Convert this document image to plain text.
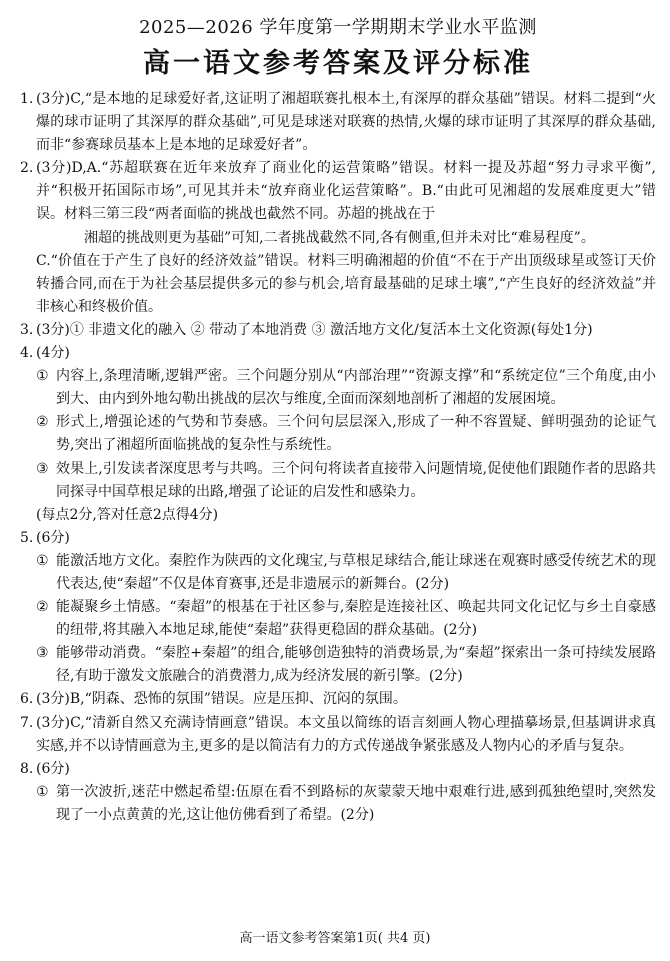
2025—2026 学年度第一学期期末学业水平监测
高一语文参考答案及评分标准
1. (3分)C,“是本地的足球爱好者,这证明了湘超联赛扎根本土,有深厚的群众基础”错误。材料二提到“火爆的球市证明了其深厚的群众基础”,可见是球迷对联赛的热情,火爆的球市证明了其深厚的群众基础,而非“参赛球员基本上是本地的足球爱好者”。
2. (3分)D,A.“苏超联赛在近年来放弃了商业化的运营策略”错误。材料一提及苏超“努力寻求平衡”,并“积极开拓国际市场”,可见其并未“放弃商业化运营策略”。B.“由此可见湘超的发展难度更大”错误。材料三第三段“两者面临的挑战也截然不同。苏超的挑战在于
湘超的挑战则更为基础”可知,二者挑战截然不同,各有侧重,但并未对比“难易程度”。
C.“价值在于产生了良好的经济效益”错误。材料三明确湘超的价值“不在于产出顶级球星或签订天价转播合同,而在于为社会基层提供多元的参与机会,培育最基础的足球土壤”,“产生良好的经济效益”并非核心和终极价值。
3. (3分)① 非遗文化的融入 ② 带动了本地消费 ③ 激活地方文化/复活本土文化资源(每处1分)
4. (4分)
① 内容上,条理清晰,逻辑严密。三个问题分别从“内部治理”“资源支撑”和“系统定位”三个角度,由小到大、由内到外地勾勒出挑战的层次与维度,全面而深刻地剖析了湘超的发展困境。
② 形式上,增强论述的气势和节奏感。三个问句层层深入,形成了一种不容置疑、鲜明强劲的论证气势,突出了湘超所面临挑战的复杂性与系统性。
③ 效果上,引发读者深度思考与共鸣。三个问句将读者直接带入问题情境,促使他们跟随作者的思路共同探寻中国草根足球的出路,增强了论证的启发性和感染力。
(每点2分,答对任意2点得4分)
5. (6分)
① 能激活地方文化。秦腔作为陕西的文化瑰宝,与草根足球结合,能让球迷在观赛时感受传统艺术的现代表达,使“秦超”不仅是体育赛事,还是非遗展示的新舞台。(2分)
② 能凝聚乡土情感。“秦超”的根基在于社区参与,秦腔是连接社区、唤起共同文化记忆与乡土自豪感的纽带,将其融入本地足球,能使“秦超”获得更稳固的群众基础。(2分)
③ 能够带动消费。“秦腔+秦超”的组合,能够创造独特的消费场景,为“秦超”探索出一条可持续发展路径,有助于激发文旅融合的消费潜力,成为经济发展的新引擎。(2分)
6. (3分)B,“阴森、恐怖的氛围”错误。应是压抑、沉闷的氛围。
7. (3分)C,“清新自然又充满诗情画意”错误。本文虽以简练的语言刻画人物心理描摹场景,但基调讲求真实感,并不以诗情画意为主,更多的是以简洁有力的方式传递战争紧张感及人物内心的矛盾与复杂。
8. (6分)
① 第一次波折,迷茫中燃起希望:伍原在看不到路标的灰蒙蒙天地中艰难行进,感到孤独绝望时,突然发现了一小点黄黄的光,这让他仿佛看到了希望。(2分)
高一语文参考答案第1页( 共4 页)
